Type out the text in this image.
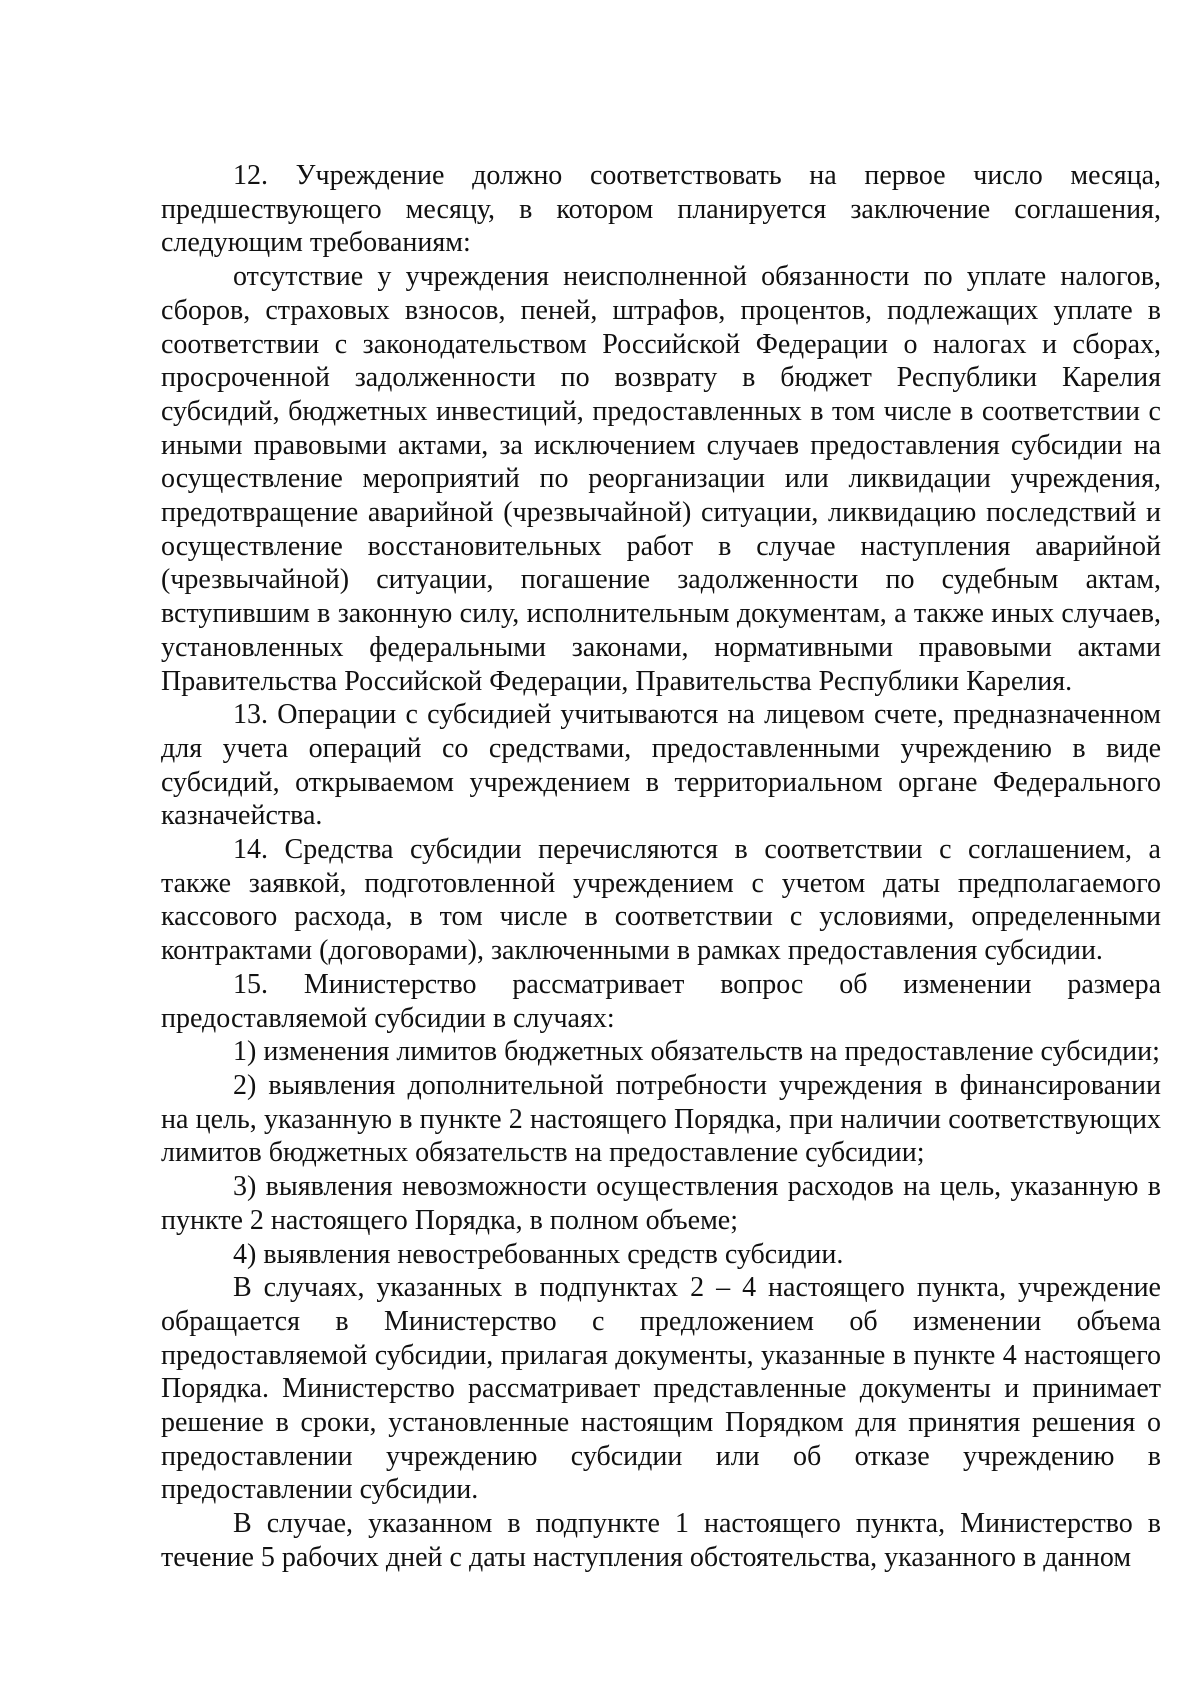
12. Учреждение должно соответствовать на первое число месяца, предшествующего месяцу, в котором планируется заключение соглашения, следующим требованиям:

отсутствие у учреждения неисполненной обязанности по уплате налогов, сборов, страховых взносов, пеней, штрафов, процентов, подлежащих уплате в соответствии с законодательством Российской Федерации о налогах и сборах, просроченной задолженности по возврату в бюджет Республики Карелия субсидий, бюджетных инвестиций, предоставленных в том числе в соответствии с иными правовыми актами, за исключением случаев предоставления субсидии на осуществление мероприятий по реорганизации или ликвидации учреждения, предотвращение аварийной (чрезвычайной) ситуации, ликвидацию последствий и осуществление восстановительных работ в случае наступления аварийной (чрезвычайной) ситуации, погашение задолженности по судебным актам, вступившим в законную силу, исполнительным документам, а также иных случаев, установленных федеральными законами, нормативными правовыми актами Правительства Российской Федерации, Правительства Республики Карелия.

13. Операции с субсидией учитываются на лицевом счете, предназначенном для учета операций со средствами, предоставленными учреждению в виде субсидий, открываемом учреждением в территориальном органе Федерального казначейства.

14. Средства субсидии перечисляются в соответствии с соглашением, а также заявкой, подготовленной учреждением с учетом даты предполагаемого кассового расхода, в том числе в соответствии с условиями, определенными контрактами (договорами), заключенными в рамках предоставления субсидии.

15. Министерство рассматривает вопрос об изменении размера предоставляемой субсидии в случаях:

1) изменения лимитов бюджетных обязательств на предоставление субсидии;

2) выявления дополнительной потребности учреждения в финансировании на цель, указанную в пункте 2 настоящего Порядка, при наличии соответствующих лимитов бюджетных обязательств на предоставление субсидии;

3) выявления невозможности осуществления расходов на цель, указанную в пункте 2 настоящего Порядка, в полном объеме;

4) выявления невостребованных средств субсидии.

В случаях, указанных в подпунктах 2 – 4 настоящего пункта, учреждение обращается в Министерство с предложением об изменении объема предоставляемой субсидии, прилагая документы, указанные в пункте 4 настоящего Порядка. Министерство рассматривает представленные документы и принимает решение в сроки, установленные настоящим Порядком для принятия решения о предоставлении учреждению субсидии или об отказе учреждению в предоставлении субсидии.

В случае, указанном в подпункте 1 настоящего пункта, Министерство в течение 5 рабочих дней с даты наступления обстоятельства, указанного в данном
